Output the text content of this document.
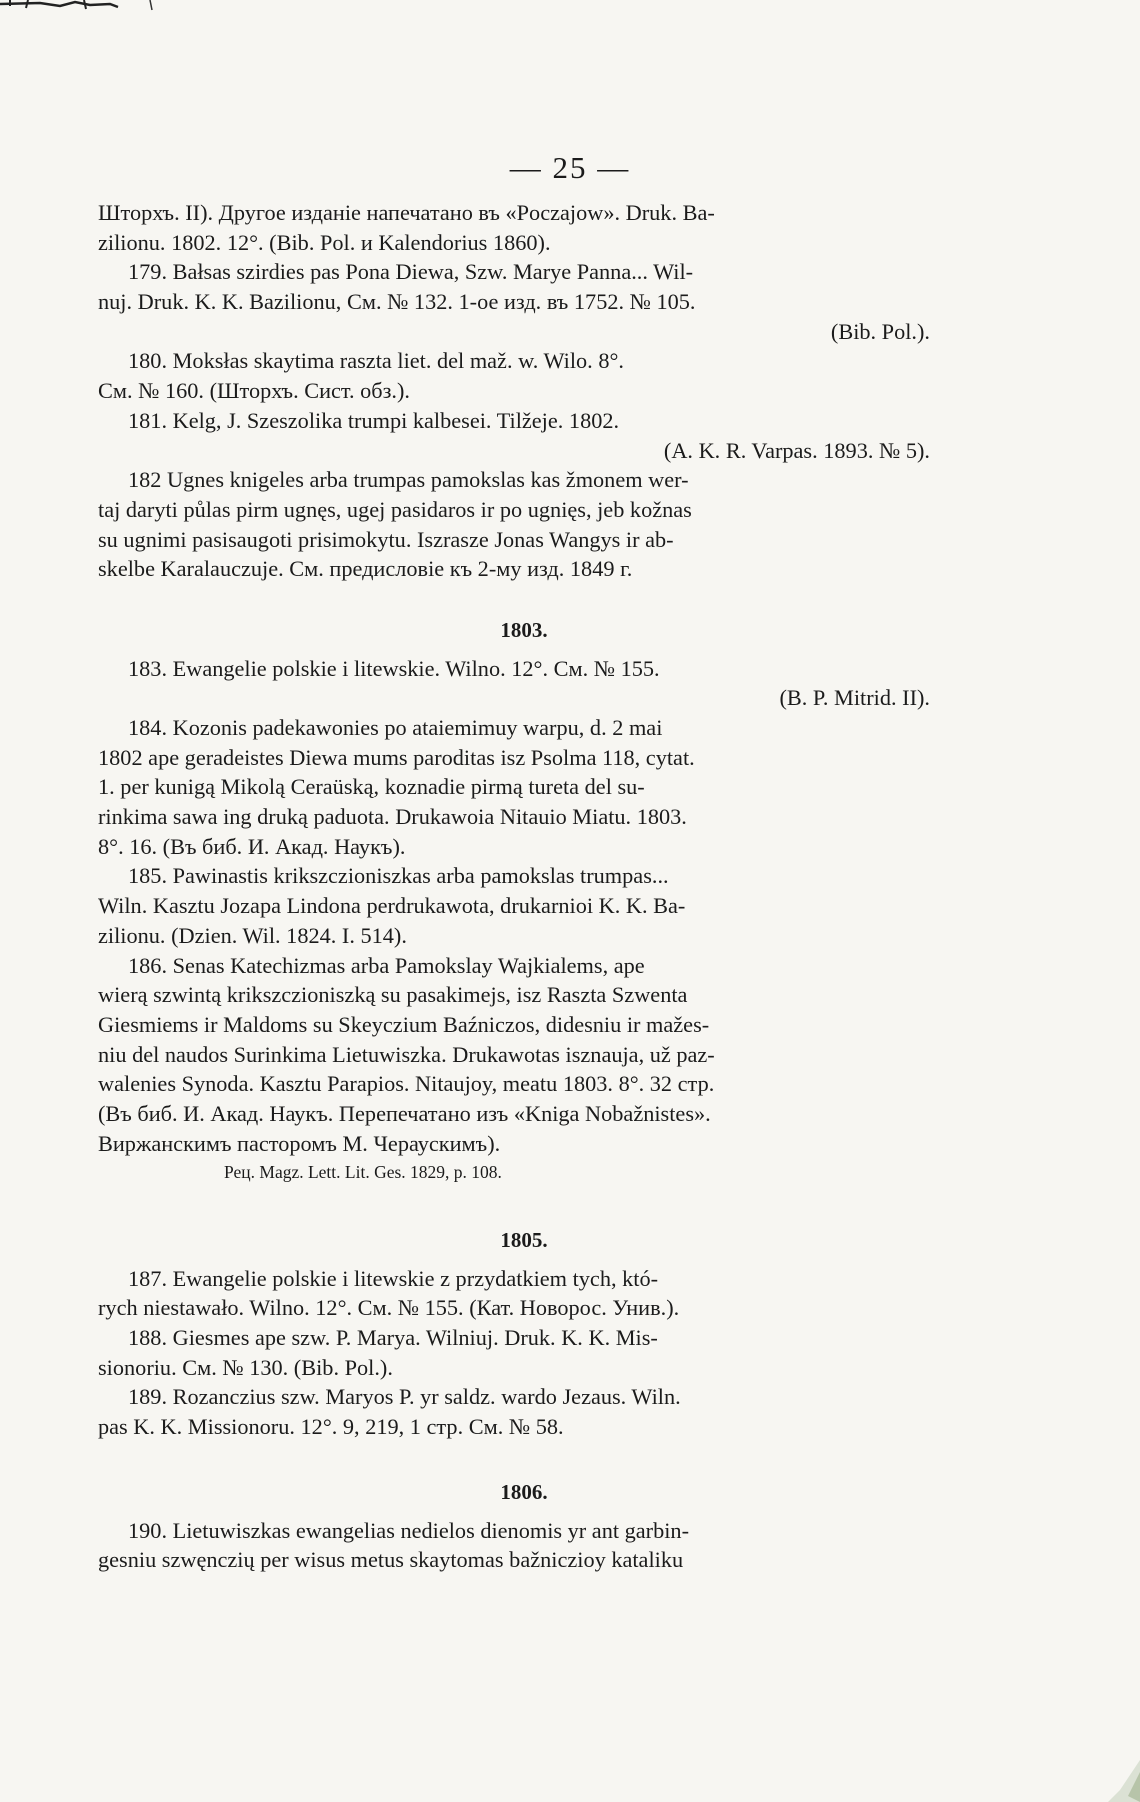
— 25 —
Шторхъ. II). Другое изданіе напечатано въ «Poczajow». Druk. Ba-
zilionu. 1802. 12°. (Bib. Pol. и Kalendorius 1860).
179. Bałsas szirdies pas Pona Diewa, Szw. Marye Panna... Wil-
nuj. Druk. K. K. Bazilionu, См. № 132. 1-ое изд. въ 1752. № 105.
(Bib. Pol.).
180. Moksłas skaytima raszta liet. del maž. w. Wilo. 8°.
См. № 160. (Шторхъ. Сист. обз.).
181. Kelg, J. Szeszolika trumpi kalbesei. Tilžeje. 1802.
(A. K. R. Varpas. 1893. № 5).
182 Ugnes knigeles arba trumpas pamokslas kas žmonem wer-
taj daryti půlas pirm ugnęs, ugej pasidaros ir po ugnięs, jeb kožnas
su ugnimi pasisaugoti prisimokytu. Iszrasze Jonas Wangys ir ab-
skelbe Karalauczuje. См. предисловіе къ 2-му изд. 1849 г.
1803.
183. Ewangelie polskie i litewskie. Wilno. 12°. См. № 155.
(B. P. Mitrid. II).
184. Kozonis padekawonies po ataiemimuy warpu, d. 2 mai
1802 ape geradeistes Diewa mums paroditas isz Psolma 118, cytat.
1. per kunigą Mikolą Ceraüską, koznadie pirmą tureta del su-
rinkima sawa ing druką paduota. Drukawoia Nitauio Miatu. 1803.
8°. 16. (Въ биб. И. Акад. Наукъ).
185. Pawinastis krikszczioniszkas arba pamokslas trumpas...
Wiln. Kasztu Jozapa Lindona perdrukawota, drukarnioi K. K. Ba-
zilionu. (Dzien. Wil. 1824. I. 514).
186. Senas Katechizmas arba Pamokslay Wajkialems, ape
wierą szwintą krikszczioniszką su pasakimejs, isz Raszta Szwenta
Giesmiems ir Maldoms su Skeyczium Baźniczos, didesniu ir mažes-
niu del naudos Surinkima Lietuwiszka. Drukawotas isznauja, už paz-
walenies Synoda. Kasztu Parapios. Nitaujoy, meatu 1803. 8°. 32 стр.
(Въ биб. И. Акад. Наукъ. Перепечатано изъ «Kniga Nobažnistes».
Виржанскимъ пасторомъ М. Чераускимъ).
Рец. Magz. Lett. Lit. Ges. 1829, p. 108.
1805.
187. Ewangelie polskie i litewskie z przydatkiem tych, któ-
rych niestawało. Wilno. 12°. См. № 155. (Кат. Новорос. Унив.).
188. Giesmes ape szw. P. Marya. Wilniuj. Druk. K. K. Mis-
sionoriu. См. № 130. (Bib. Pol.).
189. Rozanczius szw. Maryos P. yr saldz. wardo Jezaus. Wiln.
pas K. K. Missionoru. 12°. 9, 219, 1 стр. См. № 58.
1806.
190. Lietuwiszkas ewangelias nedielos dienomis yr ant garbin-
gesniu szwęnczių per wisus metus skaytomas bažniczioy kataliku
